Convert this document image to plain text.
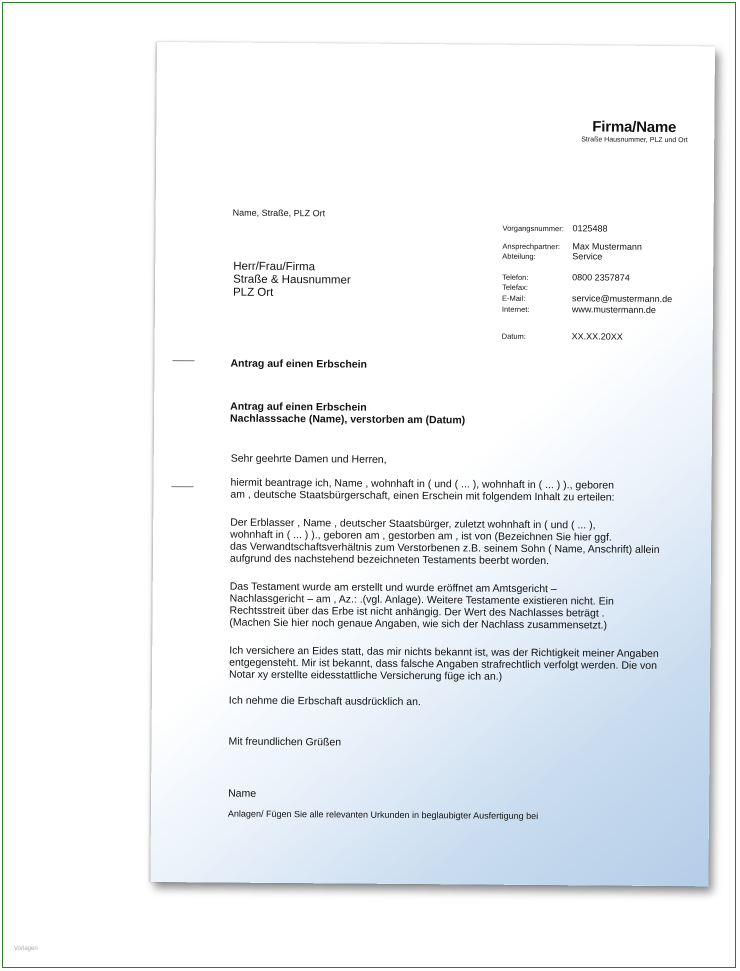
Firma/Name
Straße Hausnummer, PLZ und Ort
Name, Straße, PLZ Ort
Herr/Frau/Firma
Straße & Hausnummer
PLZ Ort
Vorgangsnummer: 0125488
Ansprechpartner: Max Mustermann
Abteilung:	Service
Telefon:	0800 2357874
Telefax:
E-Mail:	service@mustermann.de
Internet:	www.mustermann.de
Datum:	XX.XX.20XX
Antrag auf einen Erbschein
Antrag auf einen Erbschein
Nachlasssache (Name), verstorben am (Datum)
Sehr geehrte Damen und Herren,
hiermit beantrage ich, Name , wohnhaft in ( und ( ... ), wohnhaft in ( ... ) )., geboren
am , deutsche Staatsbürgerschaft, einen Erschein mit folgendem Inhalt zu erteilen:
Der Erblasser , Name , deutscher Staatsbürger, zuletzt wohnhaft in ( und ( ... ),
wohnhaft in ( ... ) )., geboren am , gestorben am , ist von (Bezeichnen Sie hier ggf.
das Verwandtschaftsverhältnis zum Verstorbenen z.B. seinem Sohn ( Name, Anschrift) allein
aufgrund des nachstehend bezeichneten Testaments beerbt worden.
Das Testament wurde am erstellt und wurde eröffnet am Amtsgericht –
Nachlassgericht – am , Az.: .(vgl. Anlage). Weitere Testamente existieren nicht. Ein
Rechtsstreit über das Erbe ist nicht anhängig. Der Wert des Nachlasses beträgt .
(Machen Sie hier noch genaue Angaben, wie sich der Nachlass zusammensetzt.)
Ich versichere an Eides statt, das mir nichts bekannt ist, was der Richtigkeit meiner Angaben
entgegensteht. Mir ist bekannt, dass falsche Angaben strafrechtlich verfolgt werden. Die von
Notar xy erstellte eidesstattliche Versicherung füge ich an.)
Ich nehme die Erbschaft ausdrücklich an.
Mit freundlichen Grüßen
Name
Anlagen/ Fügen Sie alle relevanten Urkunden in beglaubigter Ausfertigung bei
Vorlagen
